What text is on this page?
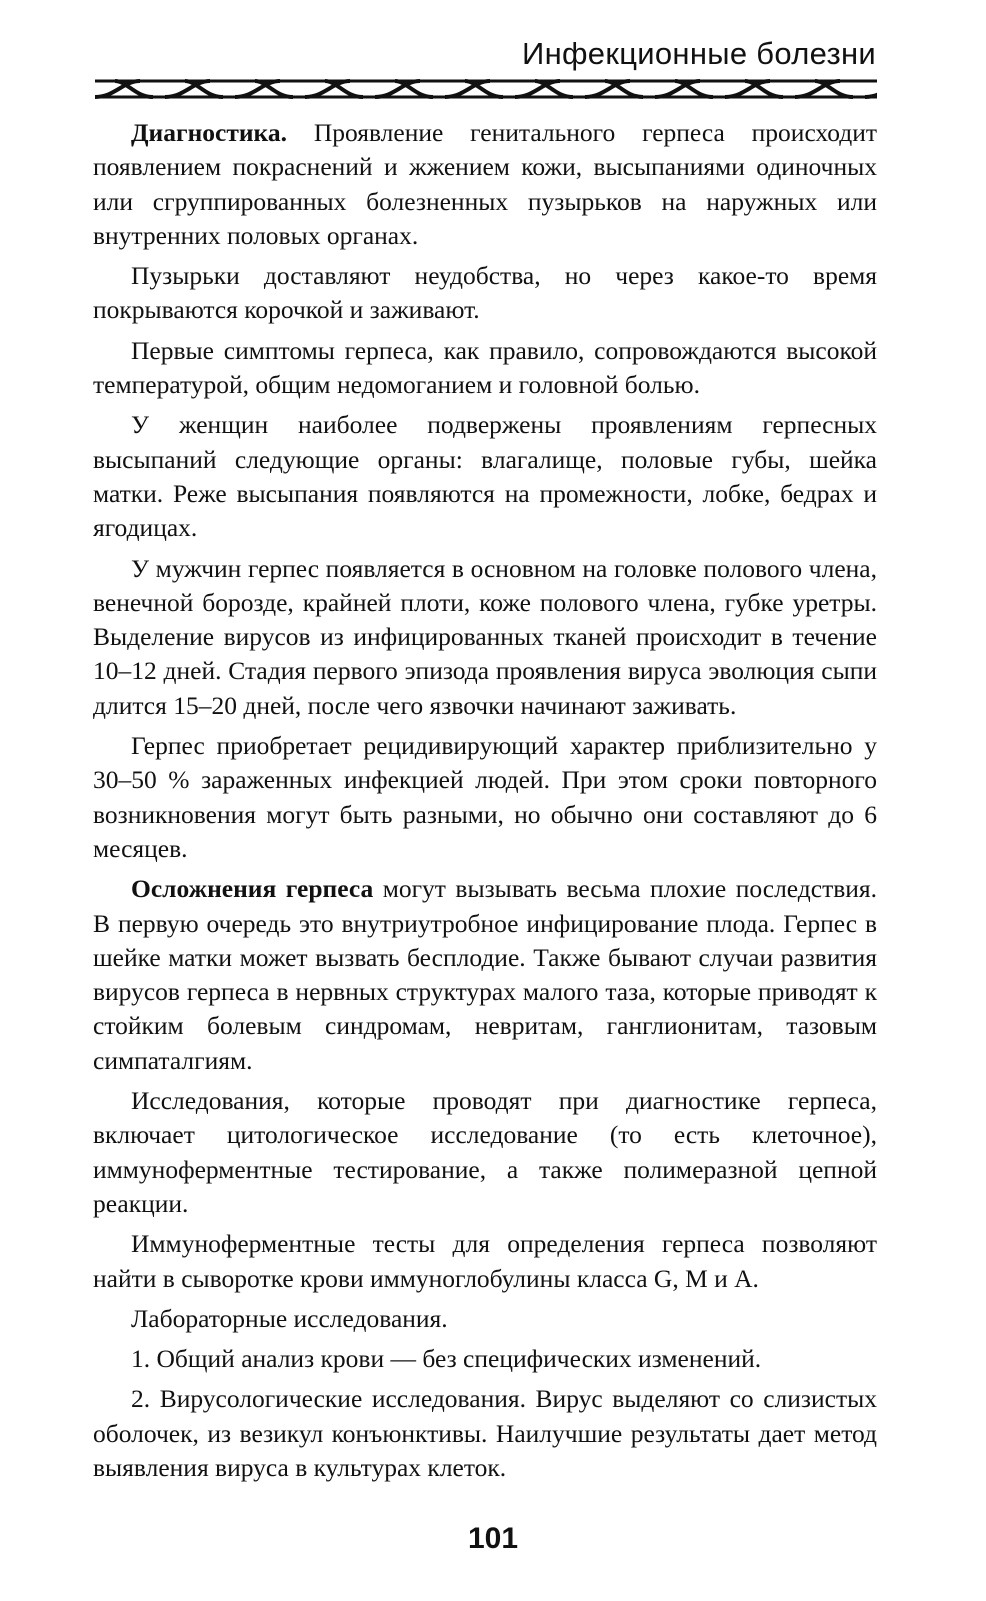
Инфекционные болезни

Диагностика. Проявление генитального герпеса происходит появлением покраснений и жжением кожи, высыпаниями одиночных или сгруппированных болезненных пузырьков на наружных или внутренних половых органах.

Пузырьки доставляют неудобства, но через какое-то время покрываются корочкой и заживают.

Первые симптомы герпеса, как правило, сопровождаются высокой температурой, общим недомоганием и головной болью.

У женщин наиболее подвержены проявлениям герпесных высыпаний следующие органы: влагалище, половые губы, шейка матки. Реже высыпания появляются на промежности, лобке, бедрах и ягодицах.

У мужчин герпес появляется в основном на головке полового члена, венечной борозде, крайней плоти, коже полового члена, губке уретры. Выделение вирусов из инфицированных тканей происходит в течение 10–12 дней. Стадия первого эпизода проявления вируса эволюция сыпи длится 15–20 дней, после чего язвочки начинают заживать.

Герпес приобретает рецидивирующий характер приблизительно у 30–50 % зараженных инфекцией людей. При этом сроки повторного возникновения могут быть разными, но обычно они составляют до 6 месяцев.

Осложнения герпеса могут вызывать весьма плохие последствия. В первую очередь это внутриутробное инфицирование плода. Герпес в шейке матки может вызвать бесплодие. Также бывают случаи развития вирусов герпеса в нервных структурах малого таза, которые приводят к стойким болевым синдромам, невритам, ганглионитам, тазовым симпаталгиям.

Исследования, которые проводят при диагностике герпеса, включает цитологическое исследование (то есть клеточное), иммуноферментные тестирование, а также полимеразной цепной реакции.

Иммуноферментные тесты для определения герпеса позволяют найти в сыворотке крови иммуноглобулины класса G, M и A.

Лабораторные исследования.

1. Общий анализ крови — без специфических изменений.

2. Вирусологические исследования. Вирус выделяют со слизистых оболочек, из везикул конъюнктивы. Наилучшие результаты дает метод выявления вируса в культурах клеток.

101
